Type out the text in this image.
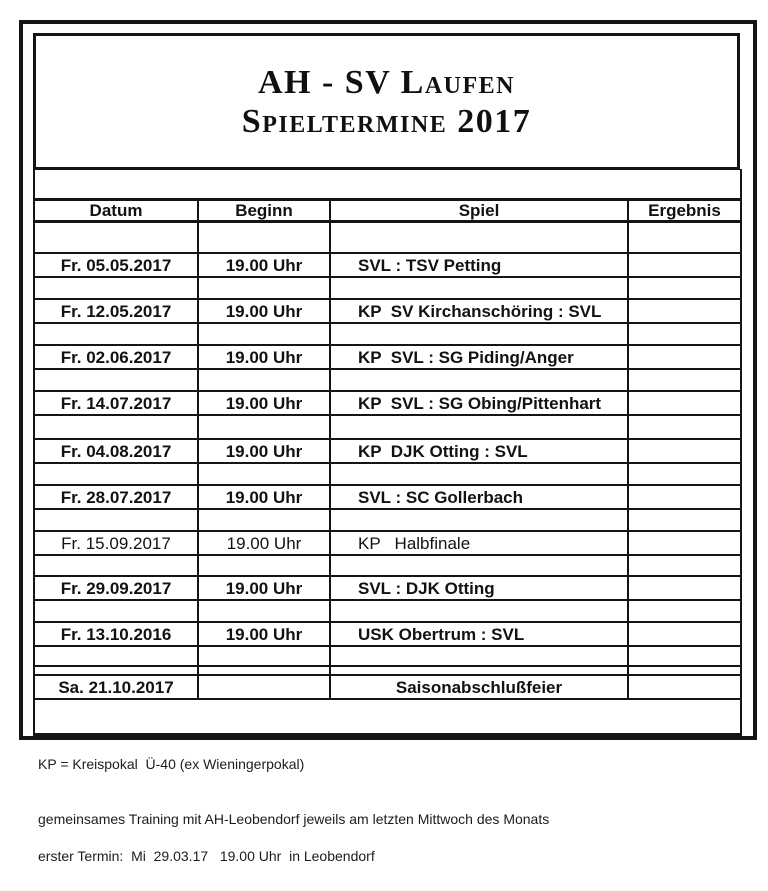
AH - SV Laufen
Spieltermine 2017

Datum	Beginn	Spiel	Ergebnis

Fr. 05.05.2017	19.00 Uhr	SVL : TSV Petting	

Fr. 12.05.2017	19.00 Uhr	KP  SV Kirchanschöring : SVL	

Fr. 02.06.2017	19.00 Uhr	KP  SVL : SG Piding/Anger	

Fr. 14.07.2017	19.00 Uhr	KP  SVL : SG Obing/Pittenhart	

Fr. 04.08.2017	19.00 Uhr	KP  DJK Otting : SVL	

Fr. 28.07.2017	19.00 Uhr	SVL : SC Gollerbach	

Fr. 15.09.2017	19.00 Uhr	KP   Halbfinale	

Fr. 29.09.2017	19.00 Uhr	SVL : DJK Otting	

Fr. 13.10.2016	19.00 Uhr	USK Obertrum : SVL	

Sa. 21.10.2017		Saisonabschlußfeier	

KP = Kreispokal  Ü-40 (ex Wieningerpokal)
gemeinsames Training mit AH-Leobendorf jeweils am letzten Mittwoch des Monats
erster Termin:  Mi  29.03.17   19.00 Uhr  in Leobendorf
